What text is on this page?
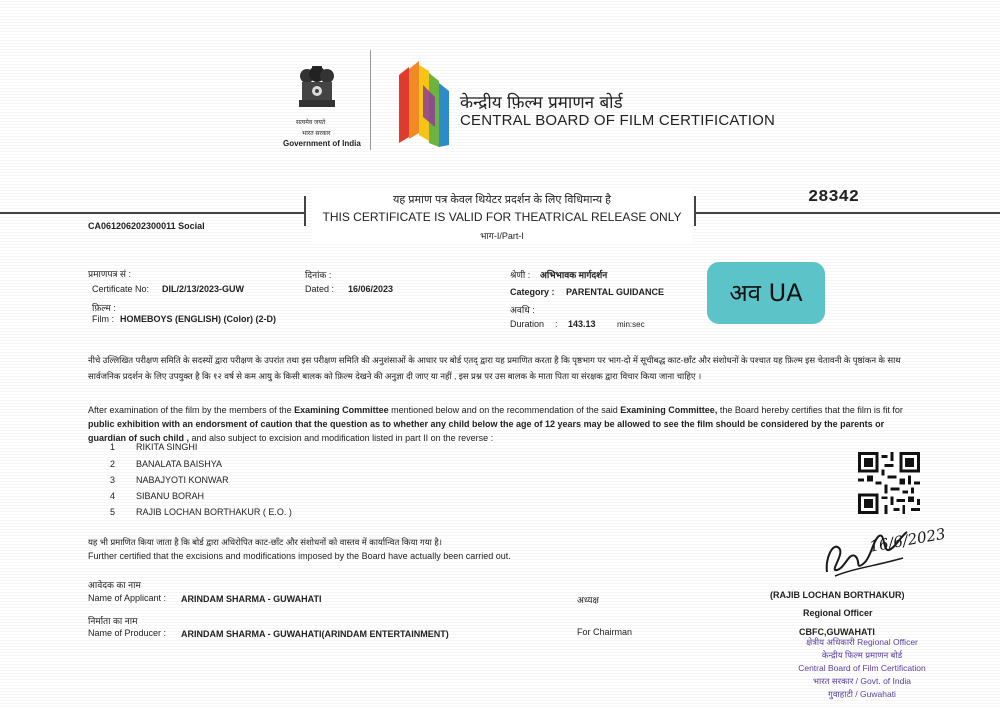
सत्यमेव जयते
भारत सरकार
Government of India
केन्द्रीय फ़िल्म प्रमाणन बोर्ड
CENTRAL BOARD OF FILM CERTIFICATION
28342
CA061206202300011 Social
यह प्रमाण पत्र केवल थियेटर प्रदर्शन के लिए विधिमान्य है
THIS CERTIFICATE IS VALID FOR THEATRICAL RELEASE ONLY
भाग-I/Part-I
प्रमाणपत्र सं :
Certificate No: DIL/2/13/2023-GUW
दिनांक :
Dated : 16/06/2023
श्रेणी : अभिभावक मार्गदर्शन
Category : PARENTAL GUIDANCE
फ़िल्म :
Film : HOMEBOYS (ENGLISH) (Color) (2-D)
अवधि :
Duration : 143.13	min:sec
अव UA
नीचे उल्लिखित परीक्षण समिति के सदस्यों द्वारा परीक्षण के उपरांत तथा इस परीक्षण समिति की अनुशंसाओं के आधार पर बोर्ड एतद् द्वारा यह प्रमाणित करता है कि पृष्ठभाग पर भाग-दो में सूचीबद्ध काट-छाँट और संशोधनों के पश्चात यह फ़िल्म इस चेतावनी के पृष्ठांकन के साथ सार्वजनिक प्रदर्शन के लिए उपयुक्त है कि १२ वर्ष से कम आयु के किसी बालक को फ़िल्म देखने की अनुज्ञा दी जाए या नहीं , इस प्रश्न पर उस बालक के माता पिता या संरक्षक द्वारा विचार किया जाना चाहिए ।
After examination of the film by the members of the Examining Committee mentioned below and on the recommendation of the said Examining Committee, the Board hereby certifies that the film is fit for public exhibition with an endorsment of caution that the question as to whether any child below the age of 12 years may be allowed to see the film should be considered by the parents or guardian of such child , and also subject to excision and modification listed in part II on the reverse :
1 RIKITA SINGHI
2 BANALATA BAISHYA
3 NABAJYOTI KONWAR
4 SIBANU BORAH
5 RAJIB LOCHAN BORTHAKUR ( E.O. )
यह भी प्रमाणित किया जाता है कि बोर्ड द्वारा अधिरोपित काट-छाँट और संशोधनों को वास्तव में कार्यान्वित किया गया है।
Further certified that the excisions and modifications imposed by the Board have actually been carried out.
आवेदक का नाम
Name of Applicant : ARINDAM SHARMA - GUWAHATI
निर्माता का नाम
Name of Producer : ARINDAM SHARMA - GUWAHATI(ARINDAM ENTERTAINMENT)
अध्यक्ष
For Chairman
16/6/2023
(RAJIB LOCHAN BORTHAKUR)
Regional Officer
CBFC,GUWAHATI
क्षेत्रीय अधिकारी Regional Officer
केन्द्रीय फिल्म प्रमाणन बोर्ड
Central Board of Film Certification
भारत सरकार / Govt. of India
गुवाहाटी / Guwahati
